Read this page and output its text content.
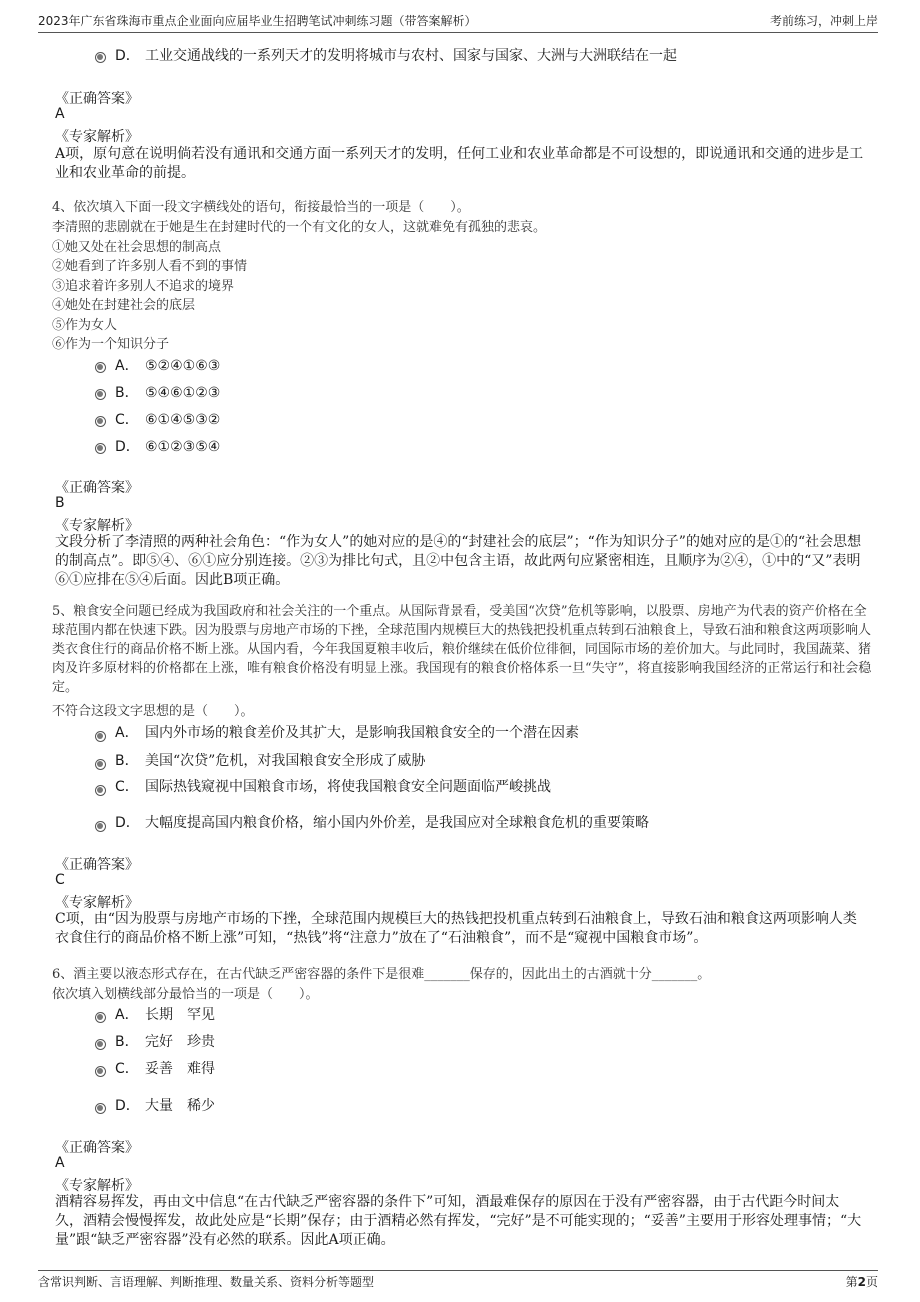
2023年广东省珠海市重点企业面向应届毕业生招聘笔试冲刺练习题（带答案解析）	考前练习，冲刺上岸
D． 工业交通战线的一系列天才的发明将城市与农村、国家与国家、大洲与大洲联结在一起
《正确答案》
A
《专家解析》
A项，原句意在说明倘若没有通讯和交通方面一系列天才的发明，任何工业和农业革命都是不可设想的，即说通讯和交通的进步是工业和农业革命的前提。
4、依次填入下面一段文字横线处的语句，衔接最恰当的一项是（　　）。
李清照的悲剧就在于她是生在封建时代的一个有文化的女人，这就难免有孤独的悲哀。
①她又处在社会思想的制高点
②她看到了许多别人看不到的事情
③追求着许多别人不追求的境界
④她处在封建社会的底层
⑤作为女人
⑥作为一个知识分子
A． ⑤②④①⑥③
B． ⑤④⑥①②③
C． ⑥①④⑤③②
D． ⑥①②③⑤④
《正确答案》
B
《专家解析》
文段分析了李清照的两种社会角色：“作为女人”的她对应的是④的“封建社会的底层”；“作为知识分子”的她对应的是①的“社会思想的制高点”。即⑤④、⑥①应分别连接。②③为排比句式，且②中包含主语，故此两句应紧密相连，且顺序为②④，①中的“又”表明⑥①应排在⑤④后面。因此B项正确。
5、粮食安全问题已经成为我国政府和社会关注的一个重点。从国际背景看，受美国“次贷”危机等影响，以股票、房地产为代表的资产价格在全球范围内都在快速下跌。因为股票与房地产市场的下挫，全球范围内规模巨大的热钱把投机重点转到石油粮食上，导致石油和粮食这两项影响人类衣食住行的商品价格不断上涨。从国内看，今年我国夏粮丰收后，粮价继续在低价位徘徊，同国际市场的差价加大。与此同时，我国蔬菜、猪肉及许多原材料的价格都在上涨，唯有粮食价格没有明显上涨。我国现有的粮食价格体系一旦“失守”，将直接影响我国经济的正常运行和社会稳定。
不符合这段文字思想的是（　　）。
A． 国内外市场的粮食差价及其扩大，是影响我国粮食安全的一个潜在因素
B． 美国“次贷”危机，对我国粮食安全形成了威胁
C． 国际热钱窥视中国粮食市场，将使我国粮食安全问题面临严峻挑战
D． 大幅度提高国内粮食价格，缩小国内外价差，是我国应对全球粮食危机的重要策略
《正确答案》
C
《专家解析》
C项，由“因为股票与房地产市场的下挫，全球范围内规模巨大的热钱把投机重点转到石油粮食上，导致石油和粮食这两项影响人类衣食住行的商品价格不断上涨”可知，“热钱”将“注意力”放在了“石油粮食”，而不是“窥视中国粮食市场”。
6、酒主要以液态形式存在，在古代缺乏严密容器的条件下是很难_______保存的，因此出土的古酒就十分_______。
依次填入划横线部分最恰当的一项是（　　）。
A． 长期　罕见
B． 完好　珍贵
C． 妥善　难得
D． 大量　稀少
《正确答案》
A
《专家解析》
酒精容易挥发，再由文中信息“在古代缺乏严密容器的条件下”可知，酒最难保存的原因在于没有严密容器，由于古代距今时间太久，酒精会慢慢挥发，故此处应是“长期”保存；由于酒精必然有挥发，“完好”是不可能实现的；“妥善”主要用于形容处理事情；“大量”跟“缺乏严密容器”没有必然的联系。因此A项正确。
含常识判断、言语理解、判断推理、数量关系、资料分析等题型	第2页
